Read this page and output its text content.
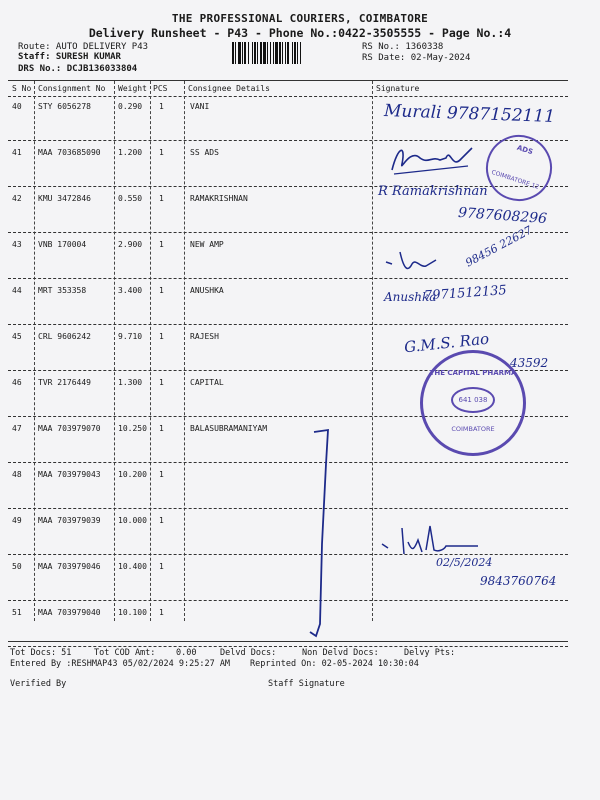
THE PROFESSIONAL COURIERS, COIMBATORE
Delivery Runsheet - P43 - Phone No.:0422-3505555 - Page No.:4
Route: AUTO DELIVERY P43
Staff: SURESH KUMAR
DRS No.: DCJB136033804
RS No.: 1360338
RS Date: 02-May-2024
S No Consignment No Weight PCS	Consignee Details	Signature
40 STY 6056278	0.290 1	VANI
41 MAA 703685090 1.200 1	SS ADS
42 KMU 3472846	0.550 1	RAMAKRISHNAN
43 VNB 170004	2.900 1	NEW AMP
44 MRT 353358	3.400 1	ANUSHKA
45 CRL 9606242	9.710 1	RAJESH
46 TVR 2176449	1.300 1	CAPITAL
47 MAA 703979070 10.250 1	BALASUBRAMANIYAM
48 MAA 703979043 10.200 1
49 MAA 703979039 10.000 1
50 MAA 703979046 10.400 1
51 MAA 703979040 10.100 1
Tot Docs: 51	Tot COD Amt: 0.00	Delvd Docs:	Non Delvd Docs:	Delvy Pts:
Entered By :RESHMAP43 05/02/2024 9:25:27 AM Reprinted On: 02-05-2024 10:30:04
Verified By	Staff Signature
Murali 9787152111
R Ramakrishnan
9787608296
98456 22627
Anushka
7971512135
G.M.S. Rao
43592
02/5/2024
9843760764
ADS
COIMBATORE 12
THE CAPITAL PHARMA
641 038
COIMBATORE
